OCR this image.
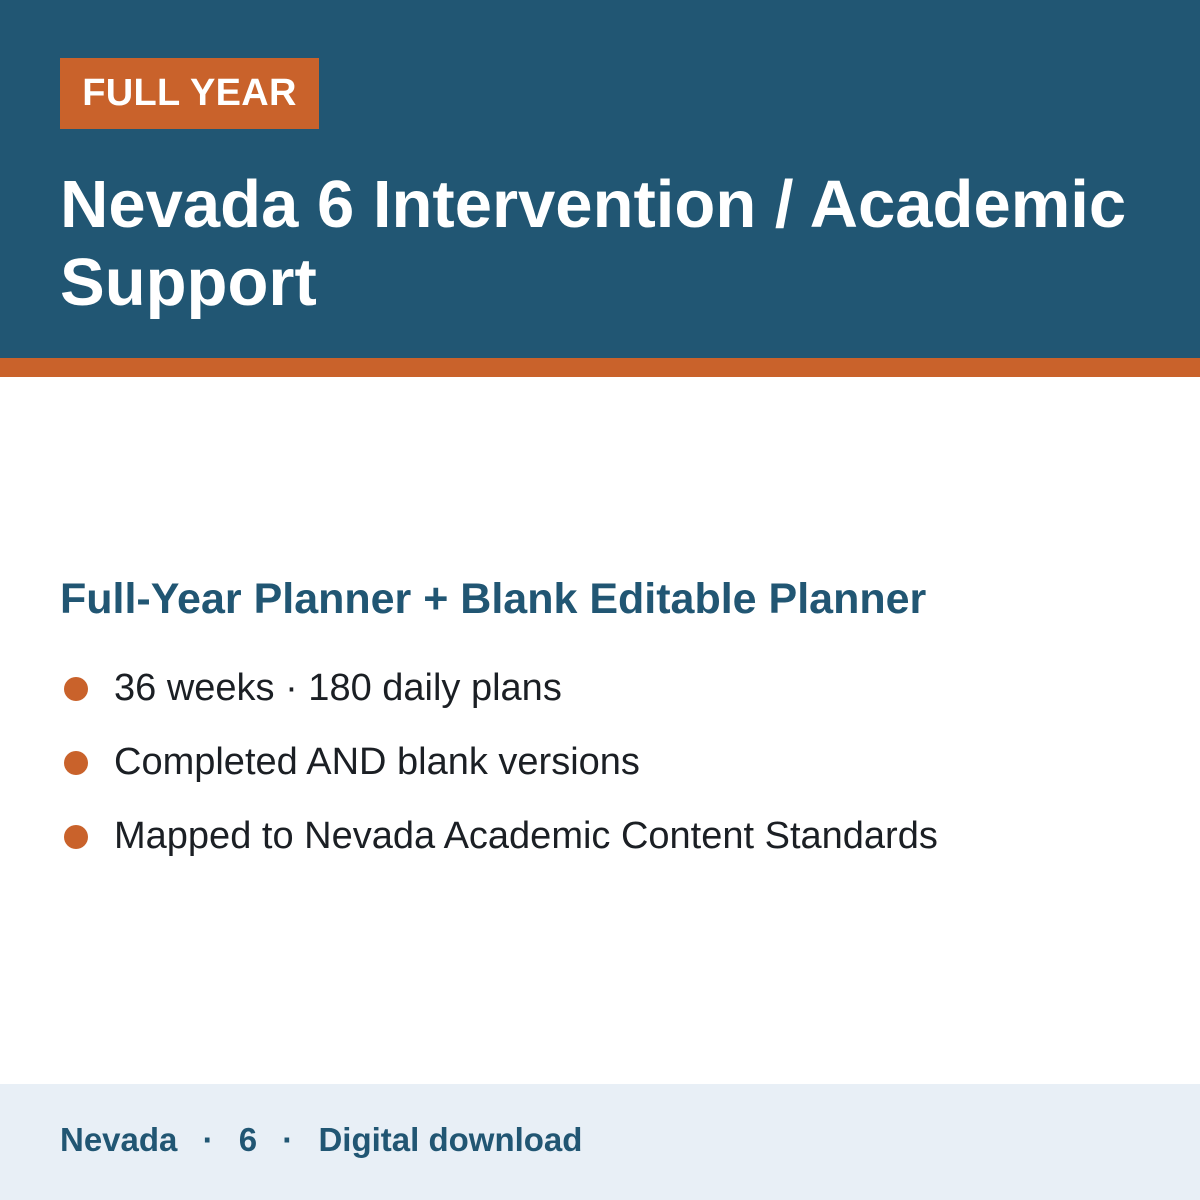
FULL YEAR
Nevada 6 Intervention / Academic Support
Full-Year Planner + Blank Editable Planner
36 weeks · 180 daily plans
Completed AND blank versions
Mapped to Nevada Academic Content Standards
Nevada · 6 · Digital download
